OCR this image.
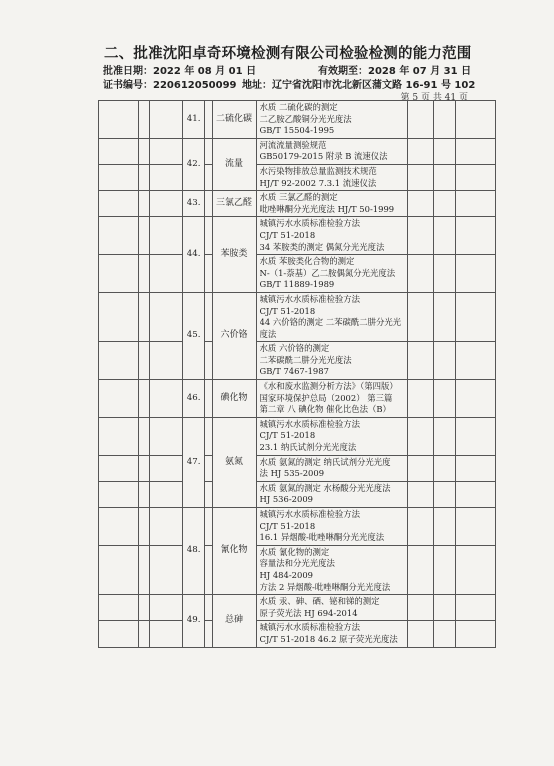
二、批准沈阳卓奇环境检测有限公司检验检测的能力范围
批准日期：2022 年 08 月 01 日	有效期至：2028 年 07 月 31 日
证书编号：220612050099 地址：辽宁省沈阳市沈北新区蒲文路 16-91 号 102
第 5 页 共 41 页
			41.		二硫化碳	水质 二硫化碳的测定
二乙胺乙酸铜分光光度法
GB/T 15504-1995			

			42.		流量	河流流量测验规范
GB50179-2015 附录 B 流速仪法			

						水污染物排放总量监测技术规范
HJ/T 92-2002 7.3.1 流速仪法			

			43.		三氯乙醛	水质 三氯乙醛的测定
吡唑啉酮分光光度法 HJ/T 50-1999			

			44.		苯胺类	城镇污水水质标准检验方法
CJ/T 51-2018
34 苯胺类的测定 偶氮分光光度法			

						水质 苯胺类化合物的测定
N-（1-萘基）乙二胺偶氮分光光度法
GB/T 11889-1989			

			45.		六价铬	城镇污水水质标准检验方法
CJ/T 51-2018
44 六价铬的测定 二苯碳酰二肼分光光
度法			

						水质 六价铬的测定
二苯碳酰二肼分光光度法
GB/T 7467-1987			

			46.		碘化物	《水和废水监测分析方法》（第四版）
国家环境保护总局（2002） 第三篇
第二章 八 碘化物 催化比色法（B）			

			47.		氨氮	城镇污水水质标准检验方法
CJ/T 51-2018
23.1 纳氏试剂分光光度法			

						水质 氨氮的测定 纳氏试剂分光光度
法 HJ 535-2009			

						水质 氨氮的测定 水杨酸分光光度法
HJ 536-2009			

			48.		氰化物	城镇污水水质标准检验方法
CJ/T 51-2018
16.1 异烟酸-吡唑啉酮分光光度法			

						水质 氰化物的测定
容量法和分光光度法
HJ 484-2009
方法 2 异烟酸-吡唑啉酮分光光度法			

			49.		总砷	水质 汞、砷、硒、铋和锑的测定
原子荧光法 HJ 694-2014			

						城镇污水水质标准检验方法
CJ/T 51-2018 46.2 原子荧光光度法			
